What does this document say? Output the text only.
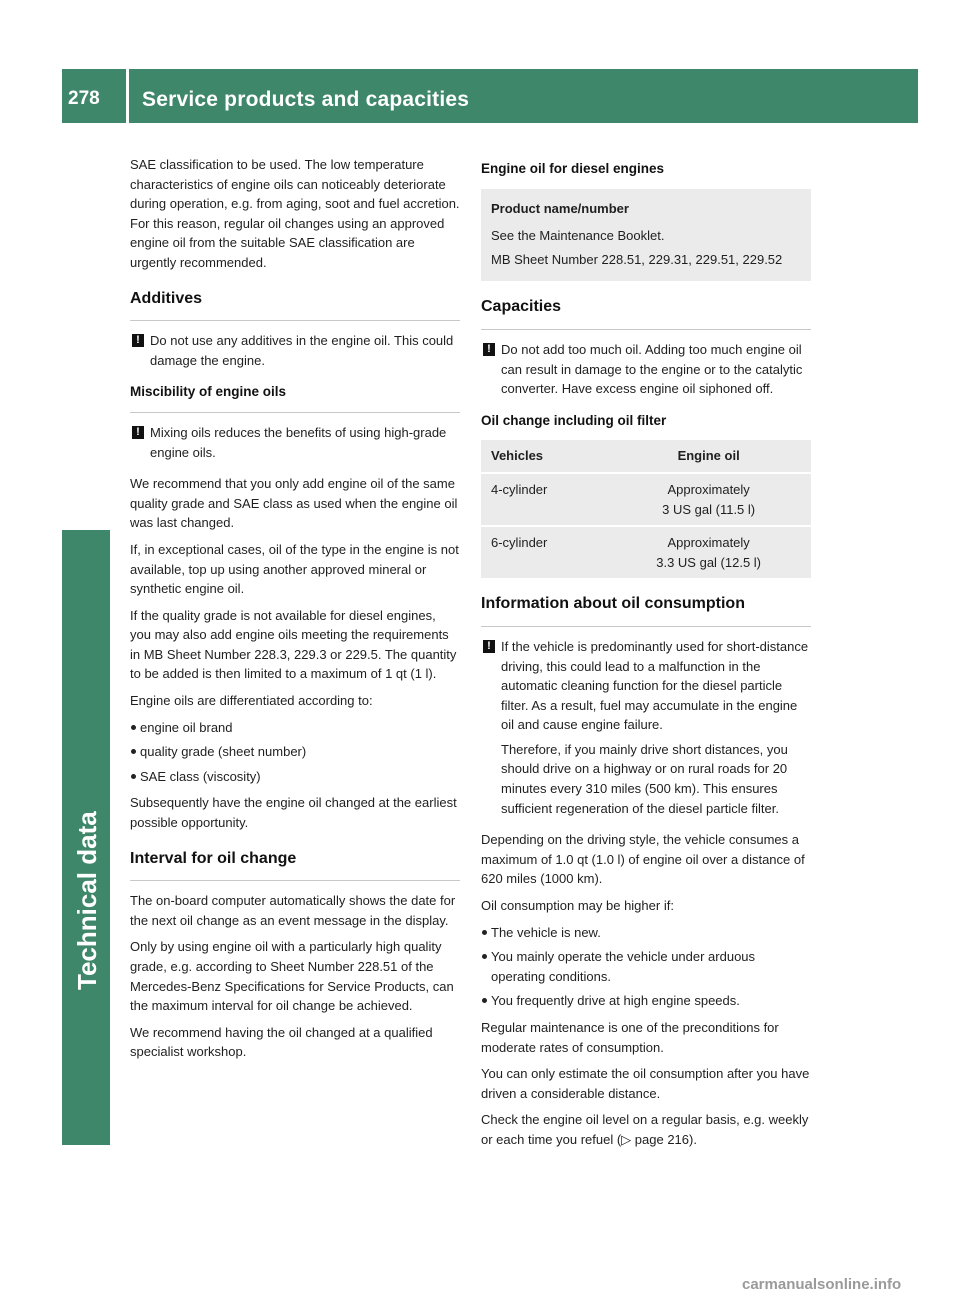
278	Service products and capacities
Technical data

SAE classification to be used. The low temperature characteristics of engine oils can noticeably deteriorate during operation, e.g. from aging, soot and fuel accretion. For this reason, regular oil changes using an approved engine oil from the suitable SAE classification are urgently recommended.

Additives
! Do not use any additives in the engine oil. This could damage the engine.
Miscibility of engine oils
! Mixing oils reduces the benefits of using high-grade engine oils.

We recommend that you only add engine oil of the same quality grade and SAE class as used when the engine oil was last changed.

If, in exceptional cases, oil of the type in the engine is not available, top up using another approved mineral or synthetic engine oil.

If the quality grade is not available for diesel engines, you may also add engine oils meeting the requirements in MB Sheet Number 228.3, 229.3 or 229.5. The quantity to be added is then limited to a maximum of 1 qt (1 l).

Engine oils are differentiated according to:

engine oil brand
quality grade (sheet number)
SAE class (viscosity)

Subsequently have the engine oil changed at the earliest possible opportunity.

Interval for oil change

The on-board computer automatically shows the date for the next oil change as an event message in the display.

Only by using engine oil with a particularly high quality grade, e.g. according to Sheet Number 228.51 of the Mercedes-Benz Specifications for Service Products, can the maximum interval for oil change be achieved.

We recommend having the oil changed at a qualified specialist workshop.

Engine oil for diesel engines
Product name/number

See the Maintenance Booklet.

MB Sheet Number 228.51, 229.31, 229.51, 229.52

Capacities
! Do not add too much oil. Adding too much engine oil can result in damage to the engine or to the catalytic converter. Have excess engine oil siphoned off.
Oil change including oil filter
Vehicles	Engine oil
4-cylinder	Approximately
3 US gal (11.5 l)

6-cylinder	Approximately
3.3 US gal (12.5 l)
Information about oil consumption
! If the vehicle is predominantly used for short-distance driving, this could lead to a malfunction in the automatic cleaning function for the diesel particle filter. As a result, fuel may accumulate in the engine oil and cause engine failure.

Therefore, if you mainly drive short distances, you should drive on a highway or on rural roads for 20 minutes every 310 miles (500 km). This ensures sufficient regeneration of the diesel particle filter.

Depending on the driving style, the vehicle consumes a maximum of 1.0 qt (1.0 l) of engine oil over a distance of 620 miles (1000 km).

Oil consumption may be higher if:

The vehicle is new.
You mainly operate the vehicle under arduous operating conditions.
You frequently drive at high engine speeds.

Regular maintenance is one of the preconditions for moderate rates of consumption.

You can only estimate the oil consumption after you have driven a considerable distance.

Check the engine oil level on a regular basis, e.g. weekly or each time you refuel (▷ page 216).

carmanualsonline.info
